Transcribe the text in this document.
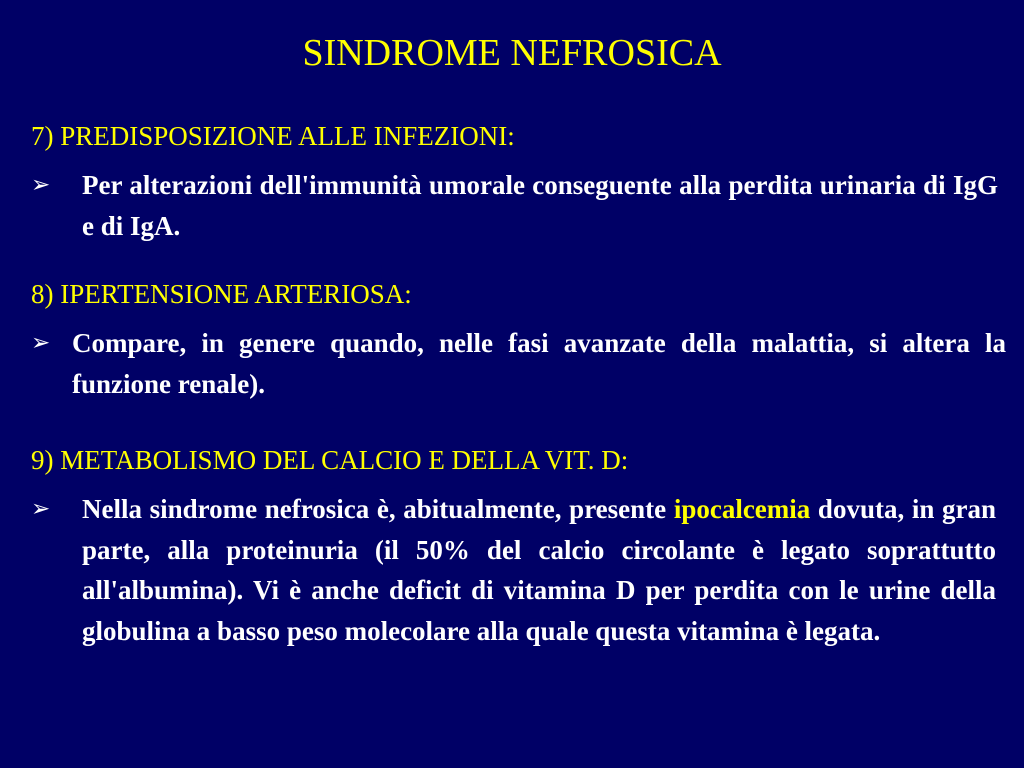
SINDROME NEFROSICA
7) PREDISPOSIZIONE ALLE INFEZIONI:
➢ Per alterazioni dell'immunità umorale conseguente alla perdita urinaria di IgG e di IgA.
8) IPERTENSIONE ARTERIOSA:
➢ Compare, in genere quando, nelle fasi avanzate della malattia, si altera la funzione renale).
9) METABOLISMO DEL CALCIO E DELLA VIT. D:
➢ Nella sindrome nefrosica è, abitualmente, presente ipocalcemia dovuta, in gran parte, alla proteinuria (il 50% del calcio circolante è legato soprattutto all'albumina). Vi è anche deficit di vitamina D per perdita con le urine della globulina a basso peso molecolare alla quale questa vitamina è legata.
